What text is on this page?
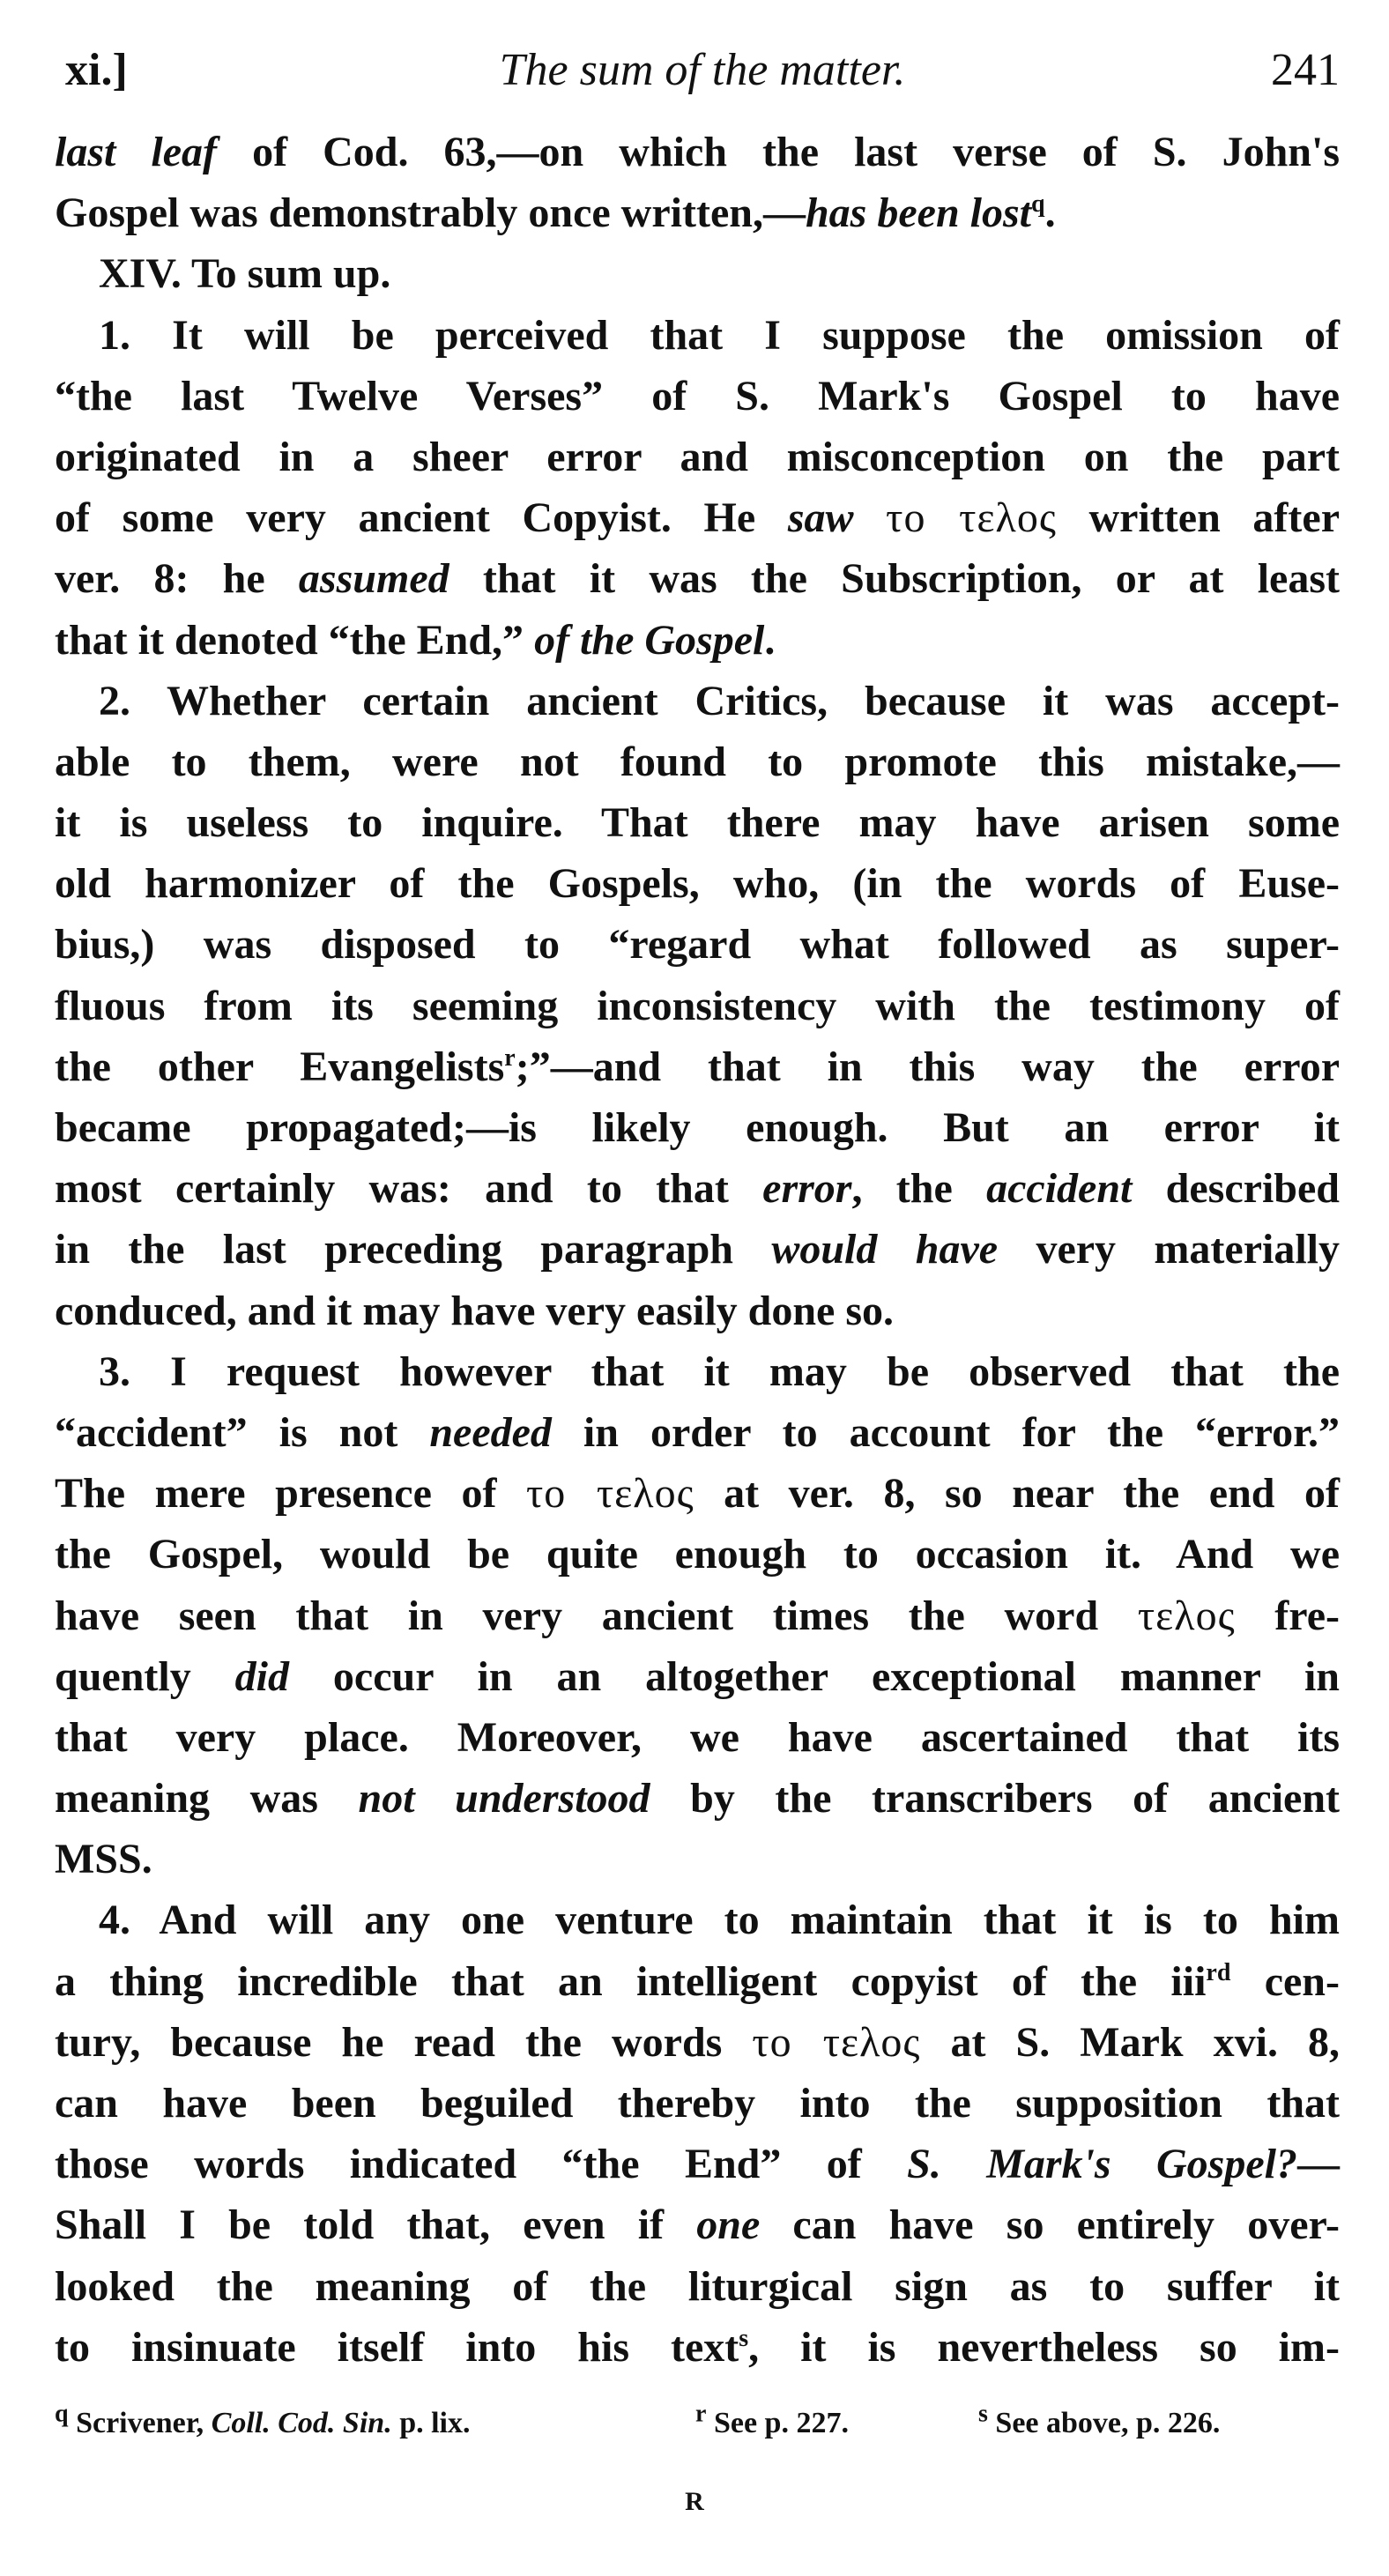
xi.]	The sum of the matter.	241
last leaf of Cod. 63,—on which the last verse of S. John's
Gospel was demonstrably once written,—has been lost$^q$.
XIV. To sum up.
1. It will be perceived that I suppose the omission of
“the last Twelve Verses” of S. Mark's Gospel to have
originated in a sheer error and misconception on the part
of some very ancient Copyist. He saw το τελος written after
ver. 8: he assumed that it was the Subscription, or at least
that it denoted “the End,” of the Gospel.
2. Whether certain ancient Critics, because it was accept-
able to them, were not found to promote this mistake,—
it is useless to inquire. That there may have arisen some
old harmonizer of the Gospels, who, (in the words of Euse-
bius,) was disposed to “regard what followed as super-
fluous from its seeming inconsistency with the testimony of
the other Evangelists$^r$;”—and that in this way the error
became propagated;—is likely enough. But an error it
most certainly was: and to that error, the accident described
in the last preceding paragraph would have very materially
conduced, and it may have very easily done so.
3. I request however that it may be observed that the
“accident” is not needed in order to account for the “error.”
The mere presence of το τελος at ver. 8, so near the end of
the Gospel, would be quite enough to occasion it. And we
have seen that in very ancient times the word τελος fre-
quently did occur in an altogether exceptional manner in
that very place. Moreover, we have ascertained that its
meaning was not understood by the transcribers of ancient
MSS.
4. And will any one venture to maintain that it is to him
a thing incredible that an intelligent copyist of the iii$^{rd}$ cen-
tury, because he read the words το τελος at S. Mark xvi. 8,
can have been beguiled thereby into the supposition that
those words indicated “the End” of S. Mark's Gospel?—
Shall I be told that, even if one can have so entirely over-
looked the meaning of the liturgical sign as to suffer it
to insinuate itself into his text$^s$, it is nevertheless so im-
$^q$ Scrivener, Coll. Cod. Sin. p. lix.	$^r$ See p. 227.	$^s$ See above, p. 226.
R
